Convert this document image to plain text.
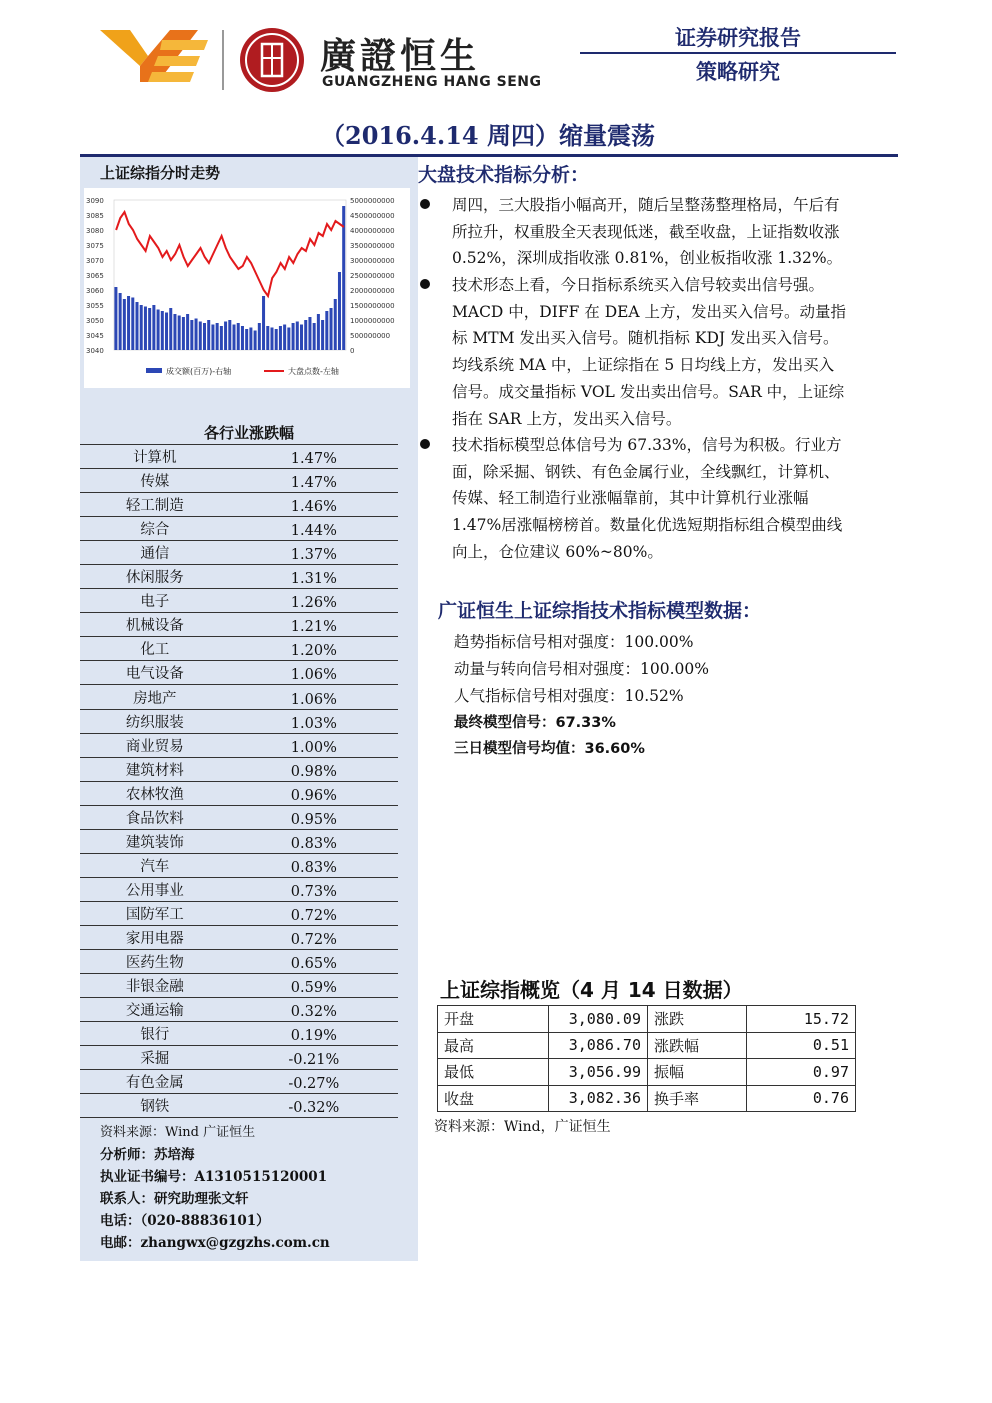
廣證恒生
GUANGZHENG HANG SENG
证券研究报告
策略研究
（2016.4.14 周四）缩量震荡
上证综指分时走势
3090
3085
3080
3075
3070
3065
3060
3055
3050
3045
3040
5000000000
4500000000
4000000000
3500000000
3000000000
2500000000
2000000000
1500000000
1000000000
500000000
0
成交额(百万)-右轴	大盘点数-左轴
各行业涨跌幅
计算机	1.47%
传媒	1.47%
轻工制造	1.46%
综合	1.44%
通信	1.37%
休闲服务	1.31%
电子	1.26%
机械设备	1.21%
化工	1.20%
电气设备	1.06%
房地产	1.06%
纺织服装	1.03%
商业贸易	1.00%
建筑材料	0.98%
农林牧渔	0.96%
食品饮料	0.95%
建筑装饰	0.83%
汽车	0.83%
公用事业	0.73%
国防军工	0.72%
家用电器	0.72%
医药生物	0.65%
非银金融	0.59%
交通运输	0.32%
银行	0.19%
采掘	-0.21%
有色金属	-0.27%
钢铁	-0.32%
资料来源：Wind 广证恒生
分析师：苏培海
执业证书编号：A1310515120001
联系人：研究助理张文轩
电话：（020-88836101）
电邮：zhangwx@gzgzhs.com.cn
大盘技术指标分析：
周四，三大股指小幅高开，随后呈整荡整理格局，午后有
所拉升，权重股全天表现低迷，截至收盘，上证指数收涨
0.52%，深圳成指收涨 0.81%，创业板指收涨 1.32%。
技术形态上看，今日指标系统买入信号较卖出信号强。
MACD 中，DIFF 在 DEA 上方，发出买入信号。动量指
标 MTM 发出买入信号。随机指标 KDJ 发出买入信号。
均线系统 MA 中，上证综指在 5 日均线上方，发出买入
信号。成交量指标 VOL 发出卖出信号。SAR 中，上证综
指在 SAR 上方，发出买入信号。
技术指标模型总体信号为 67.33%，信号为积极。行业方
面，除采掘、钢铁、有色金属行业，全线飘红，计算机、
传媒、轻工制造行业涨幅靠前，其中计算机行业涨幅
1.47%居涨幅榜榜首。数量化优选短期指标组合模型曲线
向上，仓位建议 60%~80%。
广证恒生上证综指技术指标模型数据：
趋势指标信号相对强度：100.00%
动量与转向信号相对强度：100.00%
人气指标信号相对强度：10.52%
最终模型信号：67.33%
三日模型信号均值：36.60%
上证综指概览（4 月 14 日数据）
开盘	3,080.09	涨跌	15.72
最高	3,086.70	涨跌幅	0.51
最低	3,056.99	振幅	0.97
收盘	3,082.36	换手率	0.76
资料来源：Wind，广证恒生
